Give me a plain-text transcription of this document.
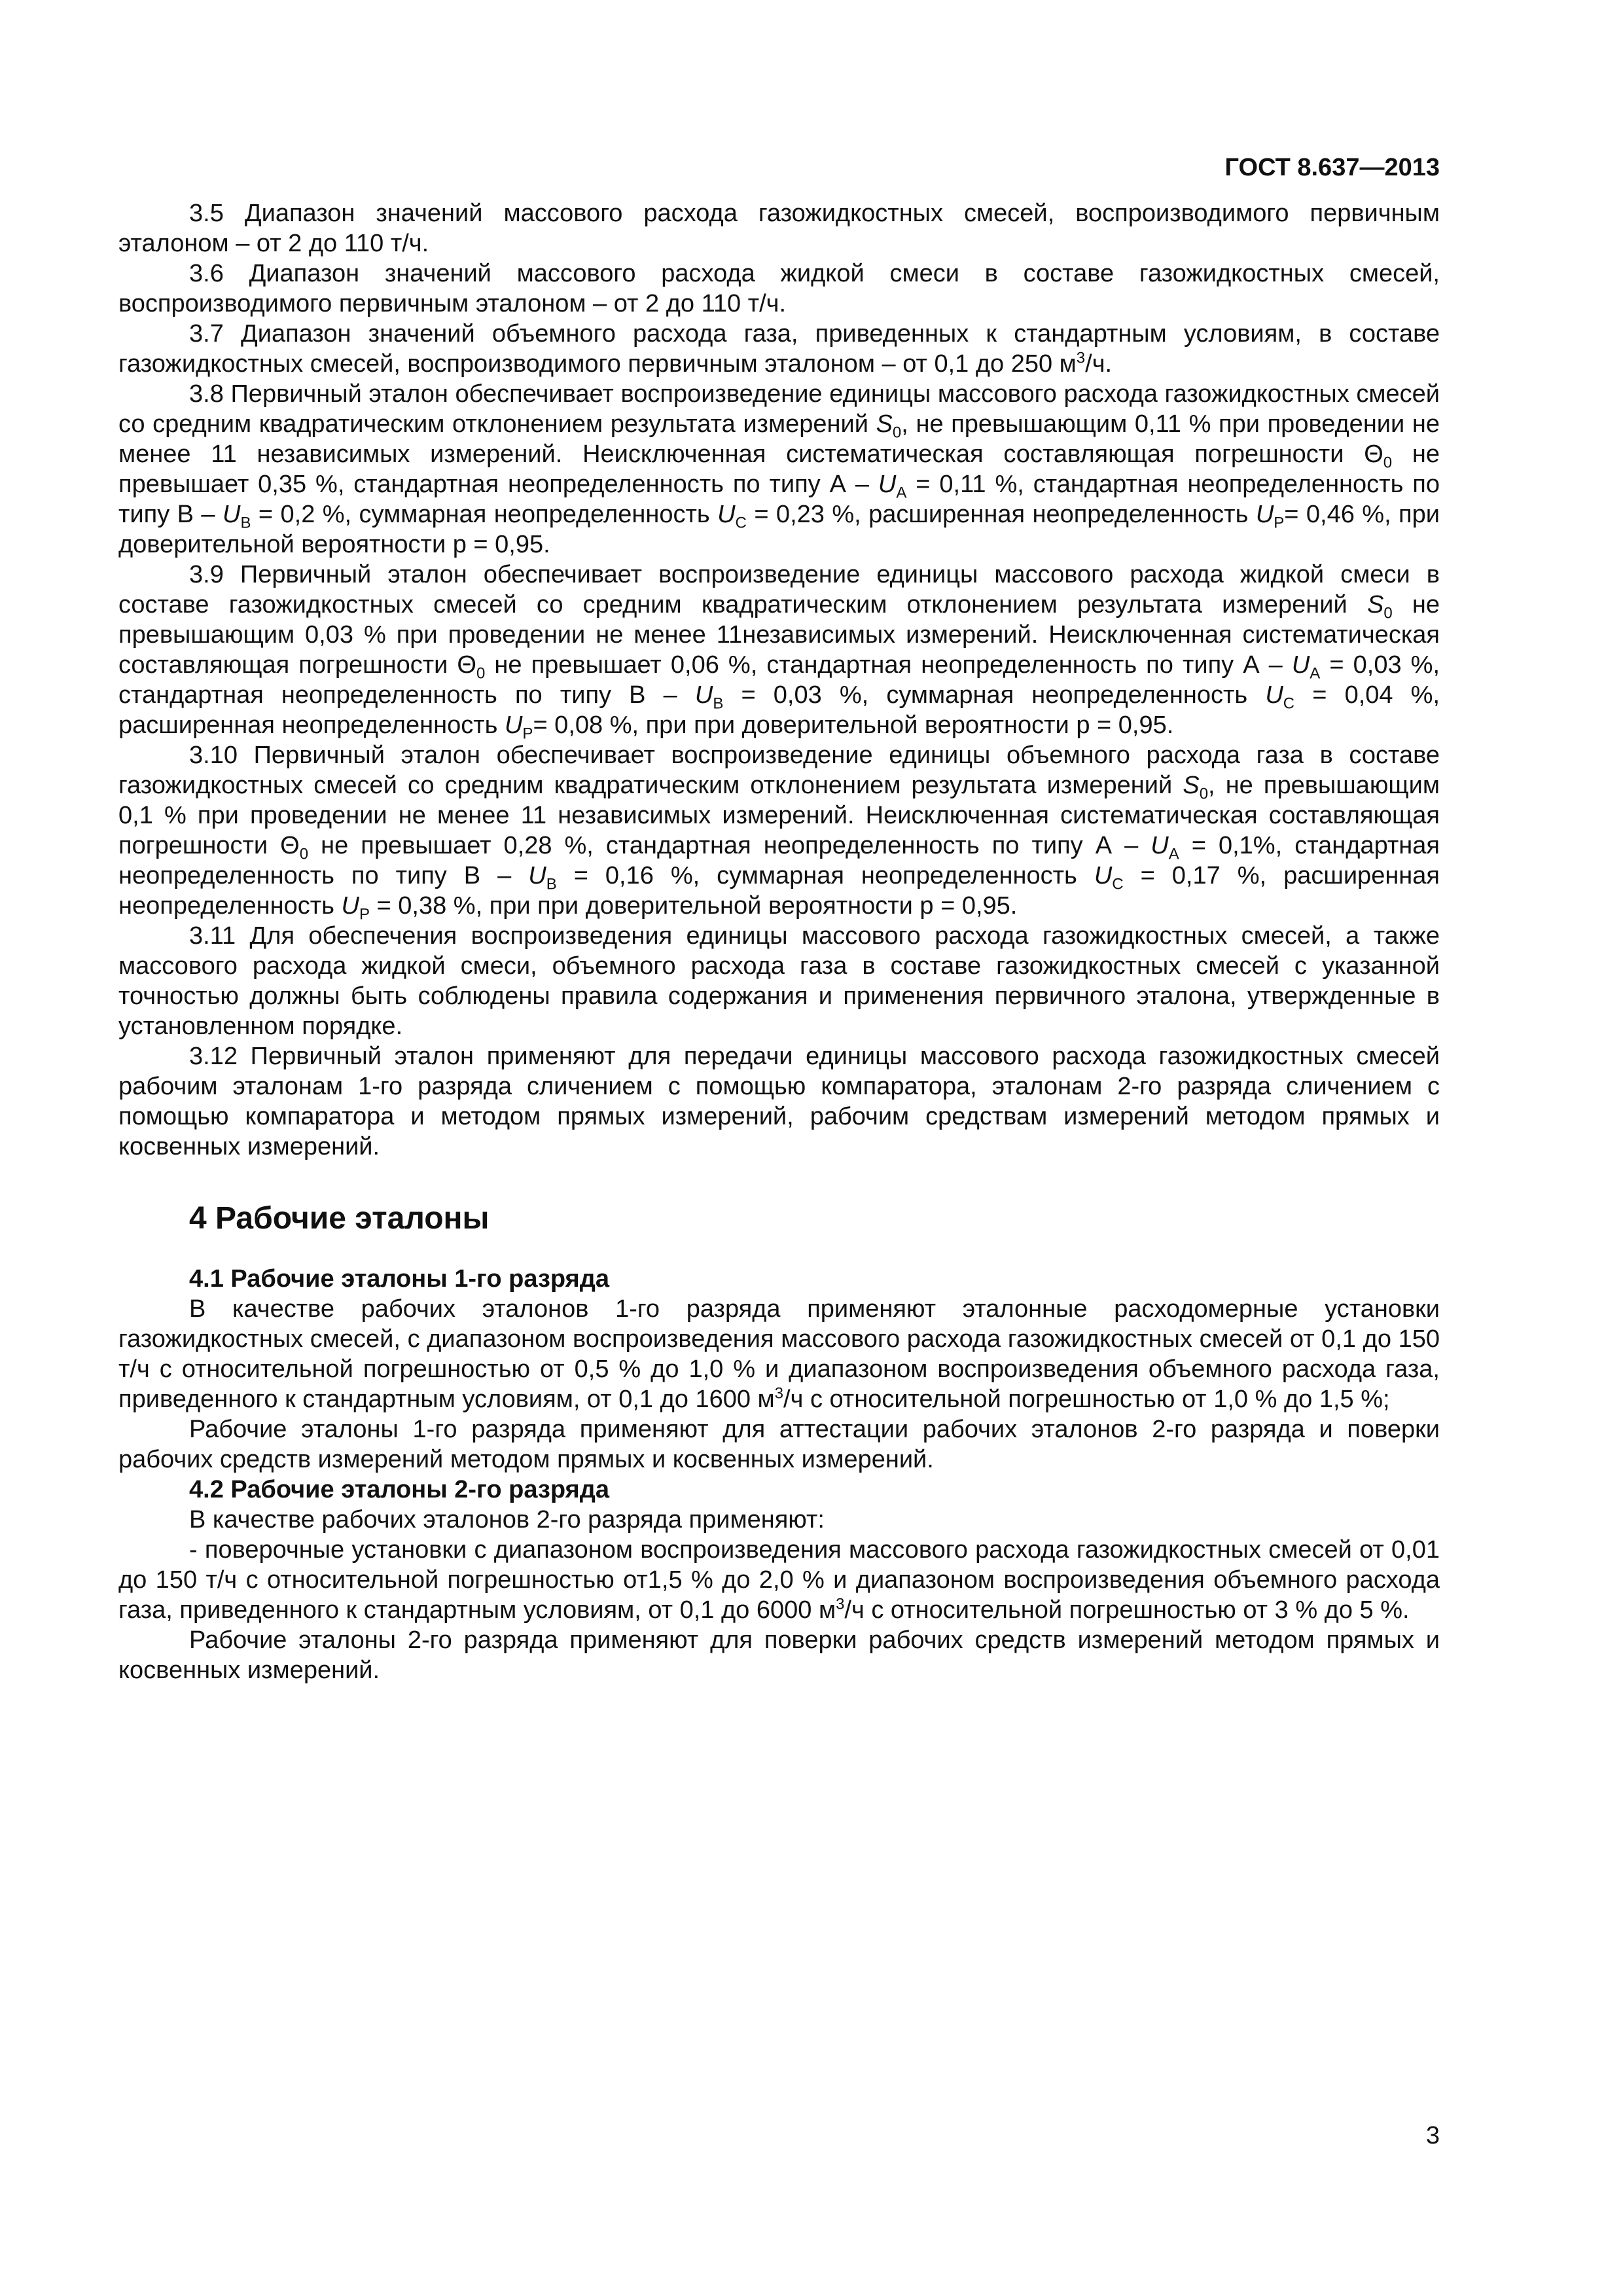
ГОСТ 8.637—2013

3.5 Диапазон значений массового расхода газожидкостных смесей, воспроизводимого первичным эталоном – от 2 до 110 т/ч.

3.6 Диапазон значений массового расхода жидкой смеси в составе газожидкостных смесей, воспроизводимого первичным эталоном – от 2 до 110 т/ч.

3.7 Диапазон значений объемного расхода газа, приведенных к стандартным условиям, в составе газожидкостных смесей, воспроизводимого первичным эталоном – от 0,1 до 250 $м^3/ч$.

3.8 Первичный эталон обеспечивает воспроизведение единицы массового расхода газожидкостных смесей со средним квадратическим отклонением результата измерений $S_0$, не превышающим 0,11 % при проведении не менее 11 независимых измерений. Неисключенная систематическая составляющая погрешности $\Theta_0$ не превышает 0,35 %, стандартная неопределенность по типу $А - U_A = 0,11$ %, стандартная неопределенность по типу $В - U_B = 0,2$ %, суммарная неопределенность $U_C = 0,23$ %, расширенная неопределенность $U_P= 0,46$ %, при доверительной вероятности р = 0,95.

3.9 Первичный эталон обеспечивает воспроизведение единицы массового расхода жидкой смеси в составе газожидкостных смесей со средним квадратическим отклонением результата измерений $S_0$ не превышающим 0,03 % при проведении не менее 11независимых измерений. Неисключенная систематическая составляющая погрешности $\Theta_0$ не превышает 0,06 %, стандартная неопределенность по типу $А - U_A = 0,03$ %, стандартная неопределенность по типу $В - U_B = 0,03$ %, суммарная неопределенность $U_C = 0,04$ %, расширенная неопределенность $U_P= 0,08$ %, при при доверительной вероятности р = 0,95.

3.10 Первичный эталон обеспечивает воспроизведение единицы объемного расхода газа в составе газожидкостных смесей со средним квадратическим отклонением результата измерений $S_0$, не превышающим 0,1 % при проведении не менее 11 независимых измерений. Неисключенная систематическая составляющая погрешности $\Theta_0$ не превышает 0,28 %, стандартная неопределенность по типу $А - U_A = 0,1\%$, стандартная неопределенность по типу $В - U_B = 0,16$ %, суммарная неопределенность $U_C = 0,17$ %, расширенная неопределенность $U_P = 0,38$ %, при при доверительной вероятности р = 0,95.

3.11 Для обеспечения воспроизведения единицы массового расхода газожидкостных смесей, а также массового расхода жидкой смеси, объемного расхода газа в составе газожидкостных смесей с указанной точностью должны быть соблюдены правила содержания и применения первичного эталона, утвержденные в установленном порядке.

3.12 Первичный эталон применяют для передачи единицы массового расхода газожидкостных смесей рабочим эталонам 1-го разряда сличением с помощью компаратора, эталонам 2-го разряда сличением с помощью компаратора и методом прямых измерений, рабочим средствам измерений методом прямых и косвенных измерений.

4 Рабочие эталоны
4.1 Рабочие эталоны 1-го разряда

В качестве рабочих эталонов 1-го разряда применяют эталонные расходомерные установки газожидкостных смесей, с диапазоном воспроизведения массового расхода газожидкостных смесей от 0,1 до 150 т/ч с относительной погрешностью от 0,5 % до 1,0 % и диапазоном воспроизведения объемного расхода газа, приведенного к стандартным условиям, от 0,1 до 1600 $м^3/ч$ с относительной погрешностью от 1,0 % до 1,5 %;

Рабочие эталоны 1-го разряда применяют для аттестации рабочих эталонов 2-го разряда и поверки рабочих средств измерений методом прямых и косвенных измерений.

4.2 Рабочие эталоны 2-го разряда

В качестве рабочих эталонов 2-го разряда применяют:

- поверочные установки с диапазоном воспроизведения массового расхода газожидкостных смесей от 0,01 до 150 т/ч с относительной погрешностью от1,5 % до 2,0 % и диапазоном воспроизведения объемного расхода газа, приведенного к стандартным условиям, от 0,1 до 6000 $м^3/ч$ с относительной погрешностью от 3 % до 5 %.

Рабочие эталоны 2-го разряда применяют для поверки рабочих средств измерений методом прямых и косвенных измерений.

3
